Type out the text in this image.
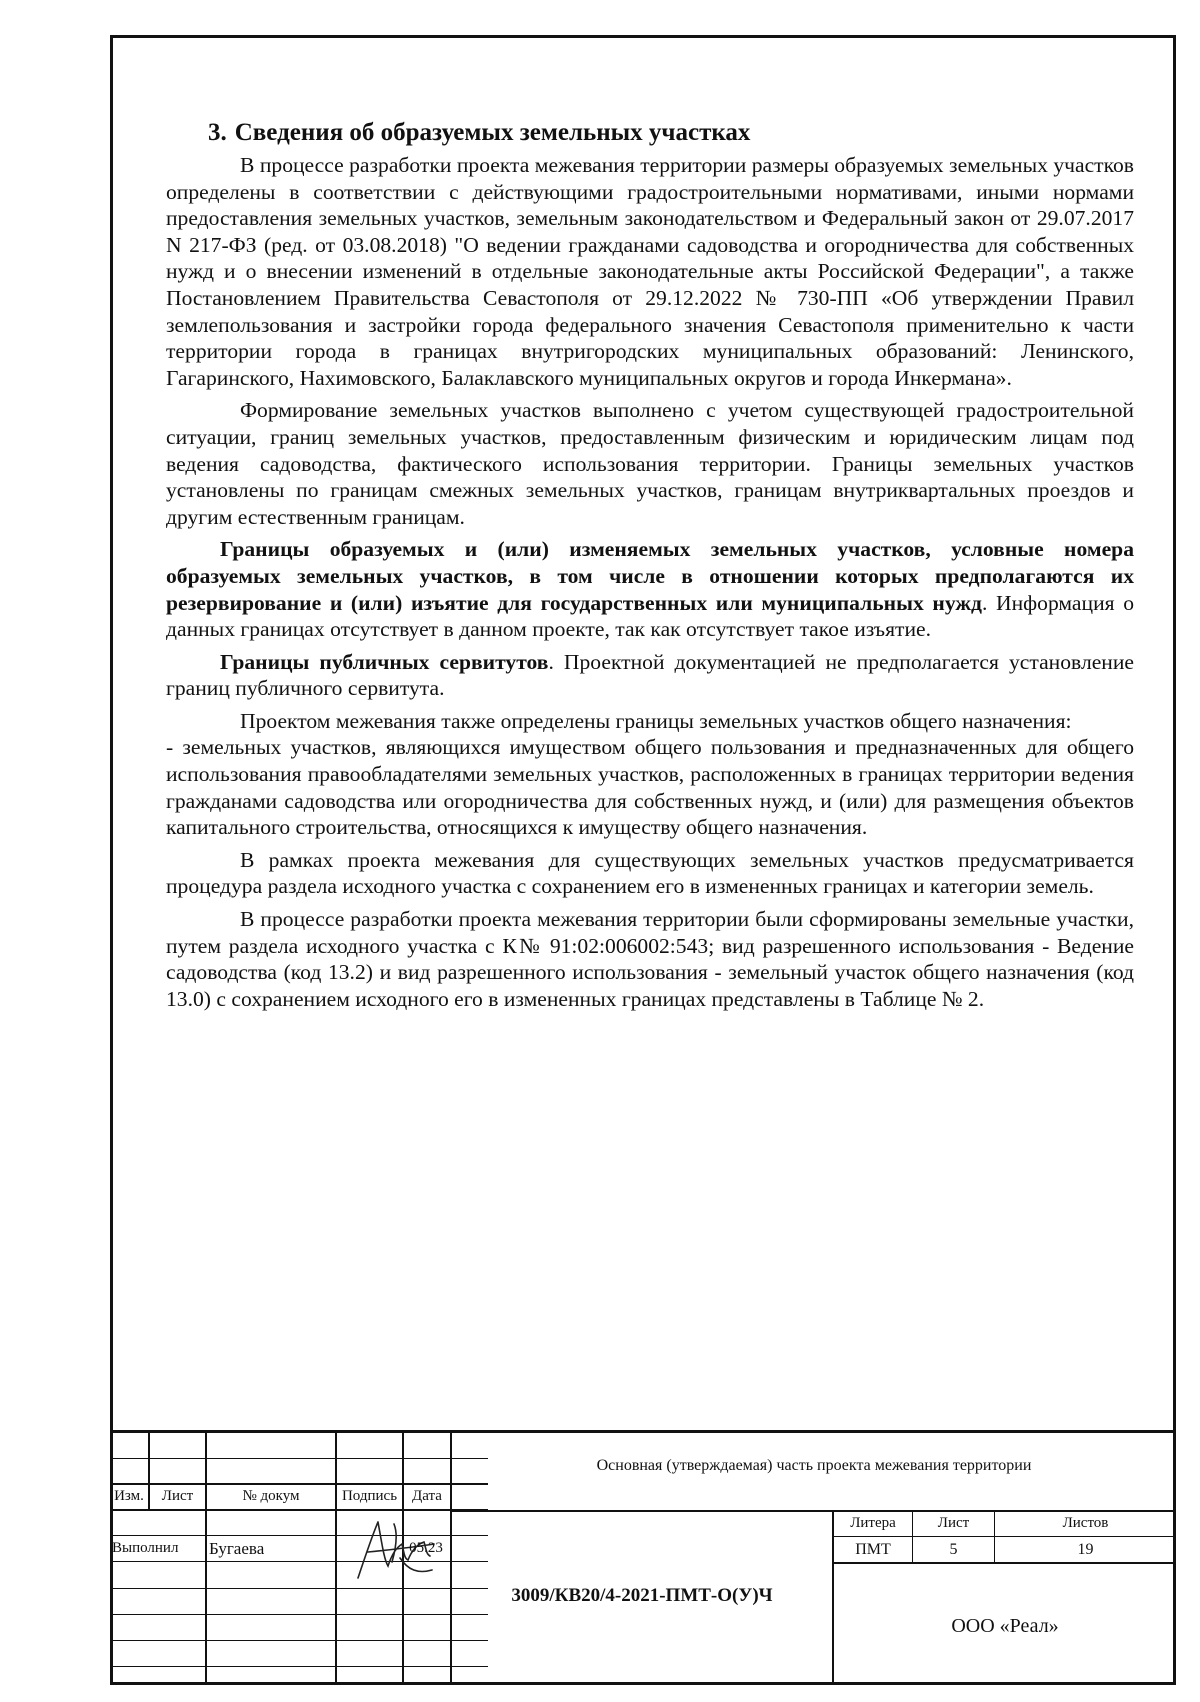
3. Сведения об образуемых земельных участках

В процессе разработки проекта межевания территории размеры образуемых земельных участков определены в соответствии с действующими градостроительными нормативами, иными нормами предоставления земельных участков, земельным законодательством и Федеральный закон от 29.07.2017 N 217-ФЗ (ред. от 03.08.2018) "О ведении гражданами садоводства и огородничества для собственных нужд и о внесении изменений в отдельные законодательные акты Российской Федерации", а также Постановлением Правительства Севастополя от 29.12.2022 № 730-ПП «Об утверждении Правил землепользования и застройки города федерального значения Севастополя применительно к части территории города в границах внутригородских муниципальных образований: Ленинского, Гагаринского, Нахимовского, Балаклавского муниципальных округов и города Инкермана».

Формирование земельных участков выполнено с учетом существующей градостроительной ситуации, границ земельных участков, предоставленным физическим и юридическим лицам под ведения садоводства, фактического использования территории. Границы земельных участков установлены по границам смежных земельных участков, границам внутриквартальных проездов и другим естественным границам.

Границы образуемых и (или) изменяемых земельных участков, условные номера образуемых земельных участков, в том числе в отношении которых предполагаются их резервирование и (или) изъятие для государственных или муниципальных нужд. Информация о данных границах отсутствует в данном проекте, так как отсутствует такое изъятие.

Границы публичных сервитутов. Проектной документацией не предполагается установление границ публичного сервитута.

Проектом межевания также определены границы земельных участков общего назначения:

- земельных участков, являющихся имуществом общего пользования и предназначенных для общего использования правообладателями земельных участков, расположенных в границах территории ведения гражданами садоводства или огородничества для собственных нужд, и (или) для размещения объектов капитального строительства, относящихся к имуществу общего назначения.

В рамках проекта межевания для существующих земельных участков предусматривается процедура раздела исходного участка с сохранением его в измененных границах и категории земель.

В процессе разработки проекта межевания территории были сформированы земельные участки, путем раздела исходного участка с К№ 91:02:006002:543; вид разрешенного использования - Ведение садоводства (код 13.2) и вид разрешенного использования - земельный участок общего назначения (код 13.0) с сохранением исходного его в измененных границах представлены в Таблице № 2.

Изм.	Лист	№ докум	Подпись	Дата
Выполнил	Бугаева	05.23
Основная (утверждаемая) часть проекта межевания территории
3009/КВ20/4-2021-ПМТ-О(У)Ч
Литера	Лист	Листов
ПМТ	5	19
ООО «Реал»
